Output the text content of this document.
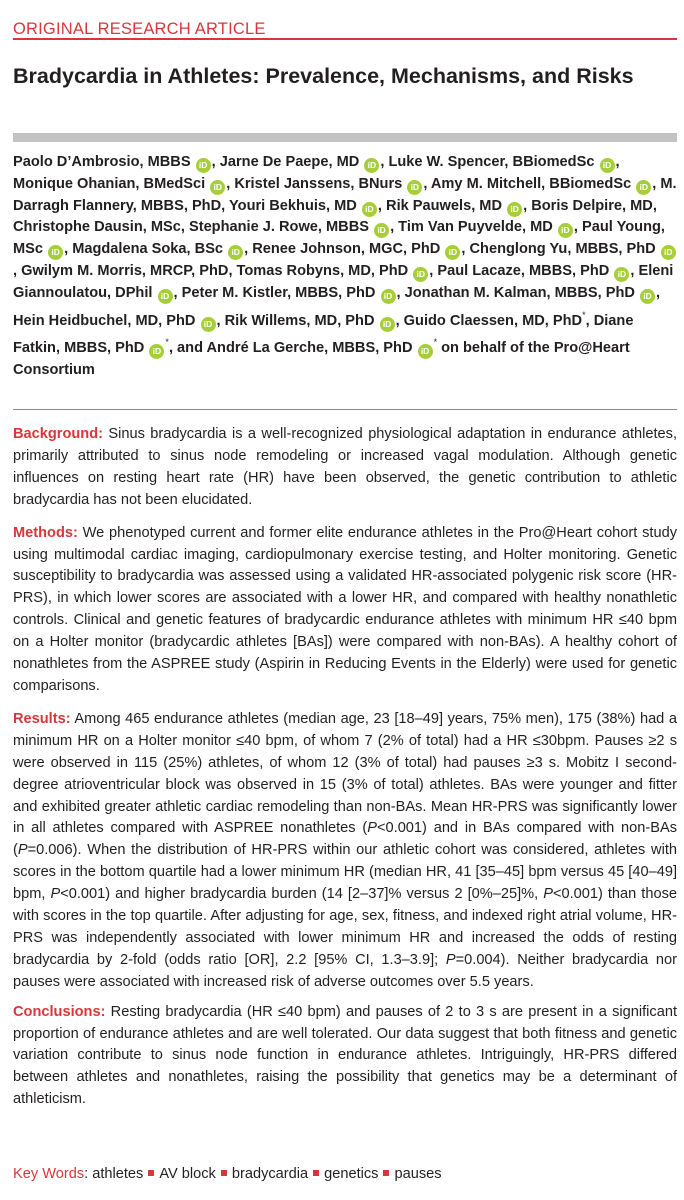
ORIGINAL RESEARCH ARTICLE
Bradycardia in Athletes: Prevalence, Mechanisms, and Risks

Paolo D’Ambrosio, MBBS iD , Jarne De Paepe, MD iD , Luke W. Spencer, BBiomedSc iD , Monique Ohanian, BMedSci iD , Kristel Janssens, BNurs iD , Amy M. Mitchell, BBiomedSc iD , M. Darragh Flannery, MBBS, PhD, Youri Bekhuis, MD iD , Rik Pauwels, MD iD , Boris Delpire, MD, Christophe Dausin, MSc, Stephanie J. Rowe, MBBS iD , Tim Van Puyvelde, MD iD , Paul Young, MSc iD , Magdalena Soka, BSc iD , Renee Johnson, MGC, PhD iD , Chenglong Yu, MBBS, PhD iD, Gwilym M. Morris, MRCP, PhD, Tomas Robyns, MD, PhD iD , Paul Lacaze, MBBS, PhD iD , Eleni Giannoulatou, DPhil iD , Peter M. Kistler, MBBS, PhD iD , Jonathan M. Kalman, MBBS, PhD iD , Hein Heidbuchel, MD, PhD iD , Rik Willems, MD, PhD iD , Guido Claessen, MD, PhD*, Diane Fatkin, MBBS, PhD iD*, and André La Gerche, MBBS, PhD iD* on behalf of the Pro@Heart Consortium

Background: Sinus bradycardia is a well-recognized physiological adaptation in endurance athletes, primarily attributed to sinus node remodeling or increased vagal modulation. Although genetic influences on resting heart rate (HR) have been observed, the genetic contribution to athletic bradycardia has not been elucidated.

Methods: We phenotyped current and former elite endurance athletes in the Pro@Heart cohort study using multimodal cardiac imaging, cardiopulmonary exercise testing, and Holter monitoring. Genetic susceptibility to bradycardia was assessed using a validated HR-associated polygenic risk score (HR-PRS), in which lower scores are associated with a lower HR, and compared with healthy nonathletic controls. Clinical and genetic features of bradycardic endurance athletes with minimum HR ≤40 bpm on a Holter monitor (bradycardic athletes [BAs]) were compared with non-BAs). A healthy cohort of nonathletes from the ASPREE study (Aspirin in Reducing Events in the Elderly) were used for genetic comparisons.

Results: Among 465 endurance athletes (median age, 23 [18–49] years, 75% men), 175 (38%) had a minimum HR on a Holter monitor ≤40 bpm, of whom 7 (2% of total) had a HR ≤30bpm. Pauses ≥2 s were observed in 115 (25%) athletes, of whom 12 (3% of total) had pauses ≥3 s. Mobitz I second-degree atrioventricular block was observed in 15 (3% of total) athletes. BAs were younger and fitter and exhibited greater athletic cardiac remodeling than non-BAs. Mean HR-PRS was significantly lower in all athletes compared with ASPREE nonathletes (P<0.001) and in BAs compared with non-BAs (P=0.006). When the distribution of HR-PRS within our athletic cohort was considered, athletes with scores in the bottom quartile had a lower minimum HR (median HR, 41 [35–45] bpm versus 45 [40–49] bpm, P<0.001) and higher bradycardia burden (14 [2–37]% versus 2 [0%–25]%, P<0.001) than those with scores in the top quartile. After adjusting for age, sex, fitness, and indexed right atrial volume, HR-PRS was independently associated with lower minimum HR and increased the odds of resting bradycardia by 2-fold (odds ratio [OR], 2.2 [95% CI, 1.3–3.9]; P=0.004). Neither bradycardia nor pauses were associated with increased risk of adverse outcomes over 5.5 years.

Conclusions: Resting bradycardia (HR ≤40 bpm) and pauses of 2 to 3 s are present in a significant proportion of endurance athletes and are well tolerated. Our data suggest that both fitness and genetic variation contribute to sinus node function in endurance athletes. Intriguingly, HR-PRS differed between athletes and nonathletes, raising the possibility that genetics may be a determinant of athleticism.

Key Words: athletes AV block bradycardia genetics pauses
